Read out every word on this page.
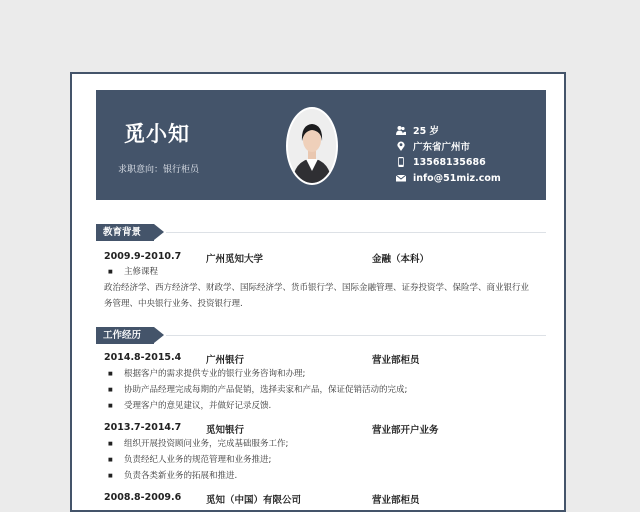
觅小知
求职意向：银行柜员
25 岁
广东省广州市
13568135686
info@51miz.com
教育背景
2009.9-2010.7	广州觅知大学	金融（本科）
■ 主修课程
政治经济学、西方经济学、财政学、国际经济学、货币银行学、国际金融管理、证券投资学、保险学、商业银行业务管理、中央银行业务、投资银行理.
工作经历
2014.8-2015.4	广州银行	营业部柜员
■ 根据客户的需求提供专业的银行业务咨询和办理;
■ 协助产品经理完成每期的产品促销，选择卖家和产品，保证促销活动的完成;
■ 受理客户的意见建议，并做好记录反馈.
2013.7-2014.7	觅知银行	营业部开户业务
■ 组织开展投资顾问业务，完成基础服务工作;
■ 负责经纪人业务的规范管理和业务推进;
■ 负责各类新业务的拓展和推进.
2008.8-2009.6	觅知（中国）有限公司	营业部柜员
